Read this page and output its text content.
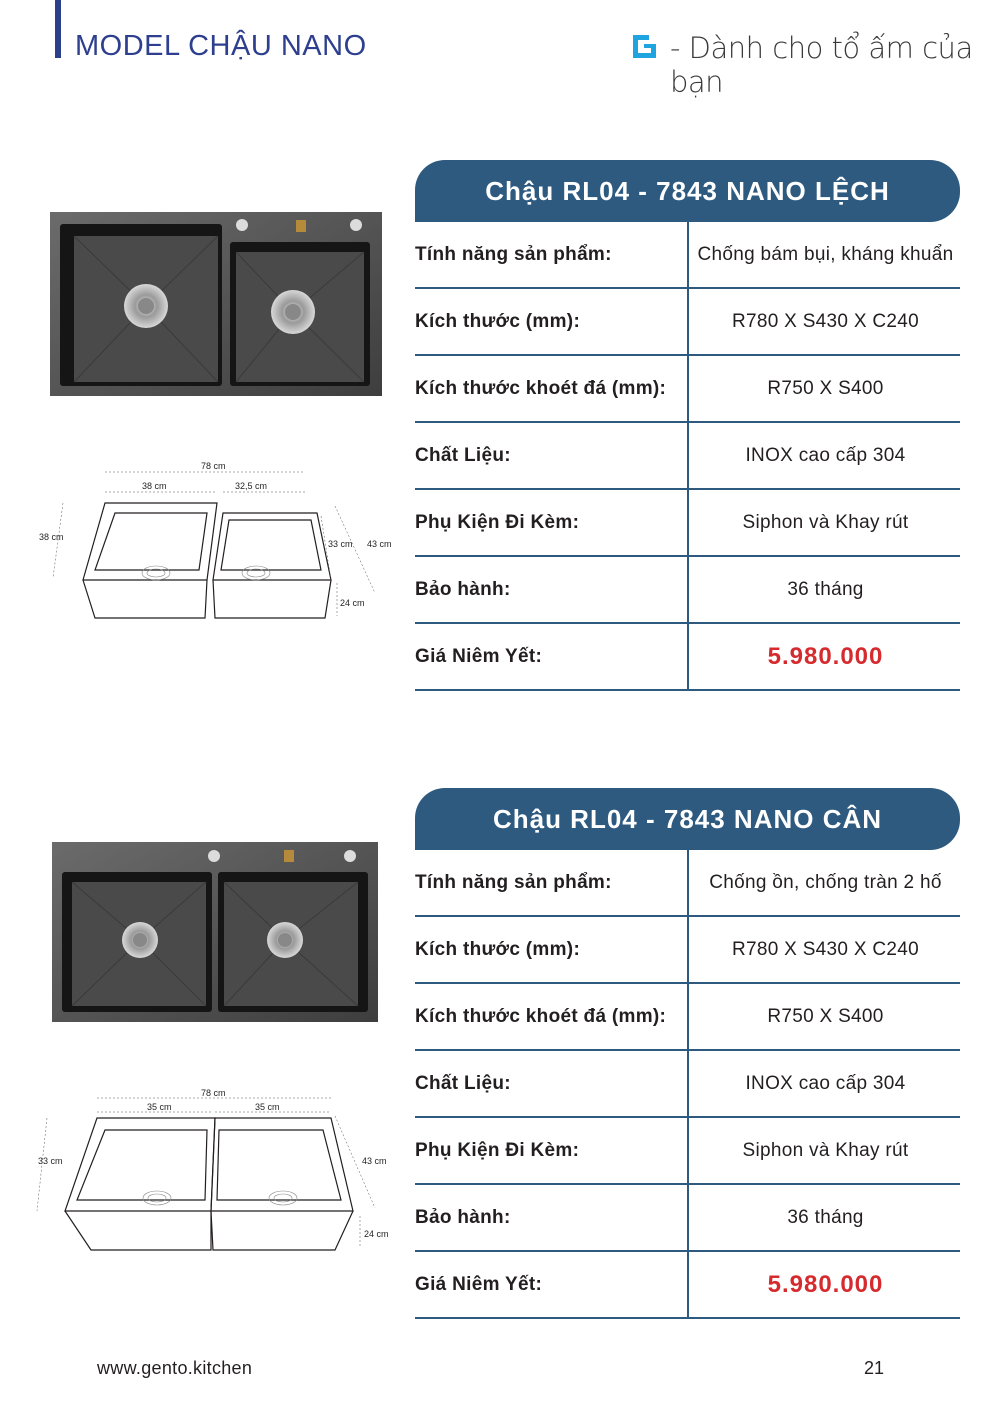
MODEL CHẬU NANO	- Dành cho tổ ấm của bạn
Chậu RL04 - 7843 NANO LỆCH
Tính năng sản phẩm:	Chống bám bụi, kháng khuẩn
Kích thước (mm):	R780 X S430 X C240
Kích thước khoét đá (mm):	R750 X S400
Chất Liệu:	INOX cao cấp 304
Phụ Kiện Đi Kèm:	Siphon và Khay rút
Bảo hành:	36 tháng
Giá Niêm Yết:	5.980.000
78 cm
38 cm	32,5 cm
38 cm
33 cm 43 cm
24 cm
Chậu RL04 - 7843 NANO CÂN
Tính năng sản phẩm:	Chống ồn, chống tràn 2 hố
Kích thước (mm):	R780 X S430 X C240
Kích thước khoét đá (mm):	R750 X S400
Chất Liệu:	INOX cao cấp 304
Phụ Kiện Đi Kèm:	Siphon và Khay rút
Bảo hành:	36 tháng
Giá Niêm Yết:	5.980.000
78 cm
35 cm	35 cm
33 cm	43 cm
24 cm
www.gento.kitchen	21
